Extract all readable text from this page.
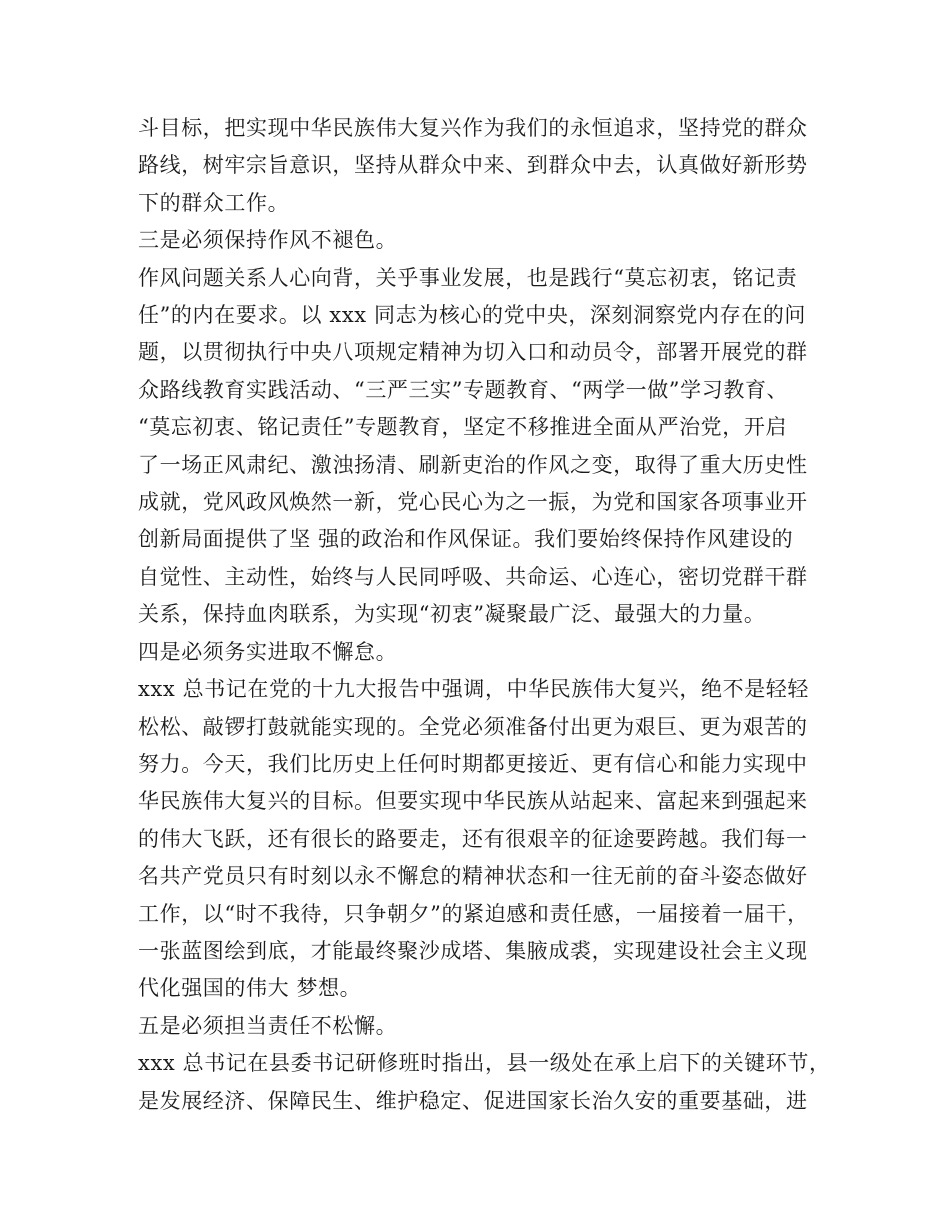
斗目标，把实现中华民族伟大复兴作为我们的永恒追求，坚持党的群众
路线，树牢宗旨意识，坚持从群众中来、到群众中去，认真做好新形势
下的群众工作。
三是必须保持作风不褪色。
作风问题关系人心向背，关乎事业发展，也是践行“莫忘初衷，铭记责
任”的内在要求。以 xxx 同志为核心的党中央，深刻洞察党内存在的问
题，以贯彻执行中央八项规定精神为切入口和动员令，部署开展党的群
众路线教育实践活动、“三严三实”专题教育、“两学一做”学习教育、
“莫忘初衷、铭记责任”专题教育，坚定不移推进全面从严治党，开启
了一场正风肃纪、激浊扬清、刷新吏治的作风之变，取得了重大历史性
成就，党风政风焕然一新，党心民心为之一振，为党和国家各项事业开
创新局面提供了坚 强的政治和作风保证。我们要始终保持作风建设的
自觉性、主动性，始终与人民同呼吸、共命运、心连心，密切党群干群
关系，保持血肉联系，为实现“初衷”凝聚最广泛、最强大的力量。
四是必须务实进取不懈怠。
xxx 总书记在党的十九大报告中强调，中华民族伟大复兴，绝不是轻轻
松松、敲锣打鼓就能实现的。全党必须准备付出更为艰巨、更为艰苦的
努力。今天，我们比历史上任何时期都更接近、更有信心和能力实现中
华民族伟大复兴的目标。但要实现中华民族从站起来、富起来到强起来
的伟大飞跃，还有很长的路要走，还有很艰辛的征途要跨越。我们每一
名共产党员只有时刻以永不懈怠的精神状态和一往无前的奋斗姿态做好
工作，以“时不我待，只争朝夕”的紧迫感和责任感，一届接着一届干，
一张蓝图绘到底，才能最终聚沙成塔、集腋成裘，实现建设社会主义现
代化强国的伟大 梦想。
五是必须担当责任不松懈。
xxx 总书记在县委书记研修班时指出，县一级处在承上启下的关键环节，
是发展经济、保障民生、维护稳定、促进国家长治久安的重要基础，进
